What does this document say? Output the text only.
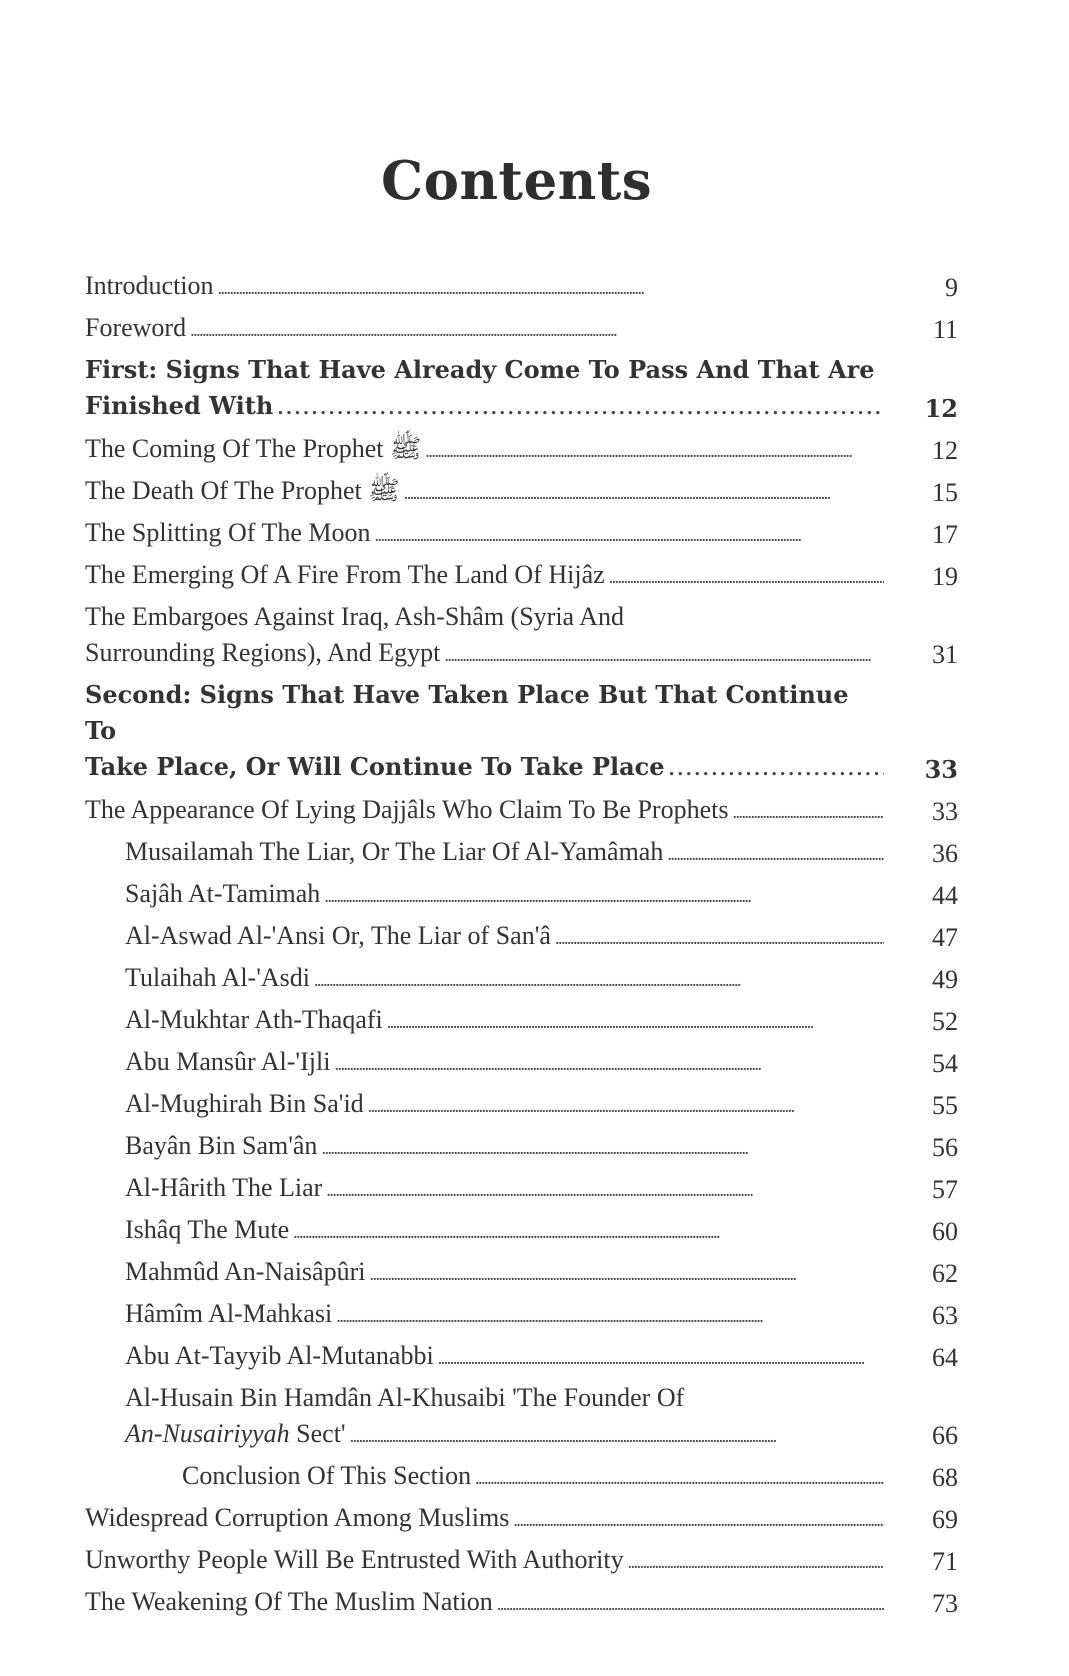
Contents
Introduction . . .	9
Foreword . . .	11
First: Signs That Have Already Come To Pass And That Are
Finished With . . .	12
The Coming Of The Prophet ﷺ . . .	12
The Death Of The Prophet ﷺ . . .	15
The Splitting Of The Moon . . .	17
The Emerging Of A Fire From The Land Of Hijâz . . .	19
The Embargoes Against Iraq, Ash-Shâm (Syria And
Surrounding Regions), And Egypt . . .	31
Second: Signs That Have Taken Place But That Continue To
Take Place, Or Will Continue To Take Place . . .	33
The Appearance Of Lying Dajjâls Who Claim To Be Prophets . . .	33
Musailamah The Liar, Or The Liar Of Al-Yamâmah . . .	36
Sajâh At-Tamimah . . .	44
Al-Aswad Al-'Ansi Or, The Liar of San'â . . .	47
Tulaihah Al-'Asdi . . .	49
Al-Mukhtar Ath-Thaqafi . . .	52
Abu Mansûr Al-'Ijli . . .	54
Al-Mughirah Bin Sa'id . . .	55
Bayân Bin Sam'ân . . .	56
Al-Hârith The Liar . . .	57
Ishâq The Mute . . .	60
Mahmûd An-Naisâpûri . . .	62
Hâmîm Al-Mahkasi . . .	63
Abu At-Tayyib Al-Mutanabbi . . .	64
Al-Husain Bin Hamdân Al-Khusaibi 'The Founder Of
An-Nusairiyyah Sect' . . .	66
Conclusion Of This Section . . .	68
Widespread Corruption Among Muslims . . .	69
Unworthy People Will Be Entrusted With Authority . . .	71
The Weakening Of The Muslim Nation . . .	73
